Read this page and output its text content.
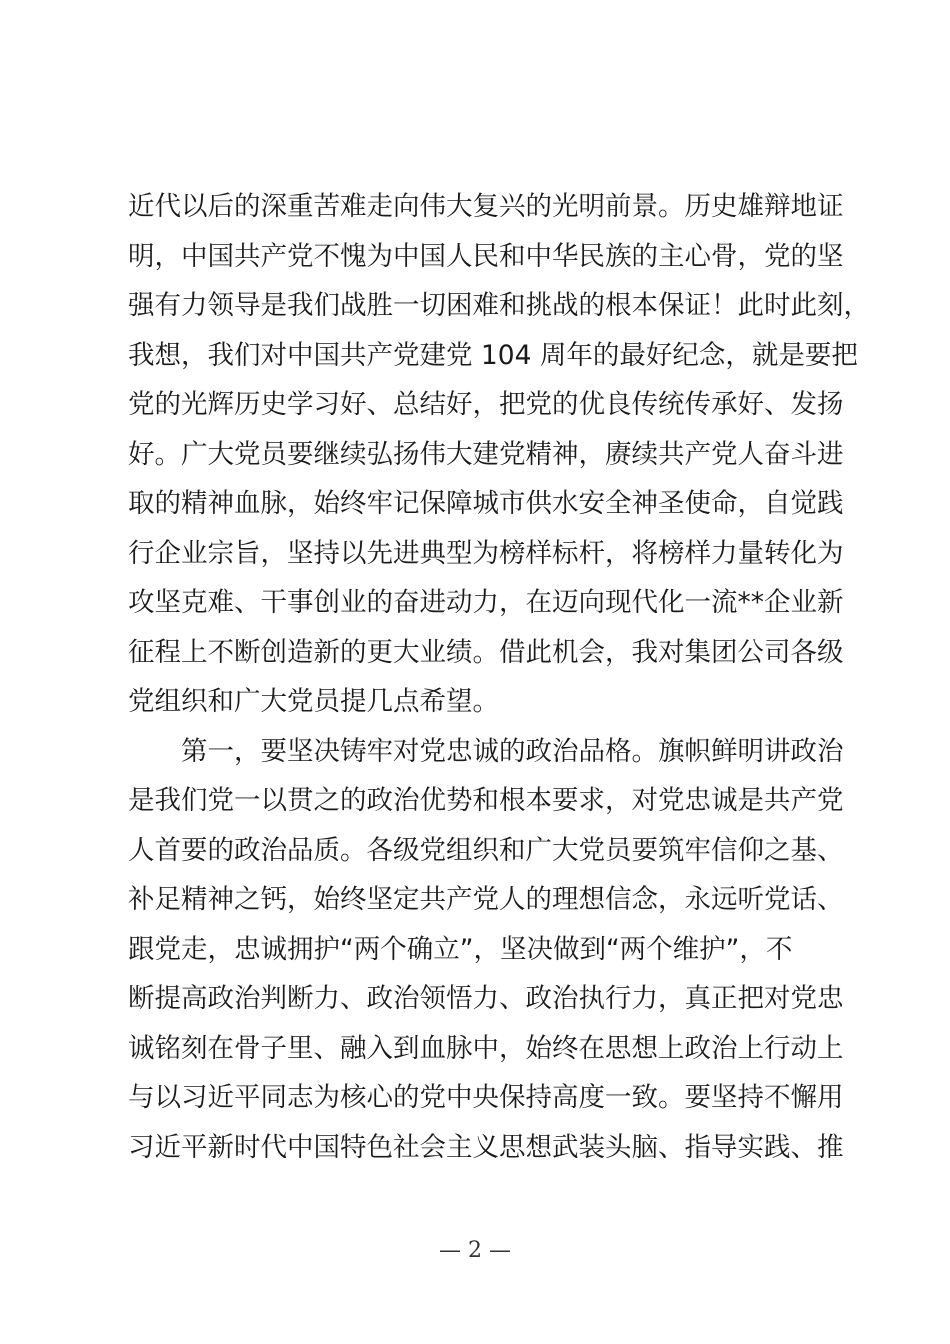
近代以后的深重苦难走向伟大复兴的光明前景。历史雄辩地证
明，中国共产党不愧为中国人民和中华民族的主心骨，党的坚
强有力领导是我们战胜一切困难和挑战的根本保证！此时此刻，
我想，我们对中国共产党建党 104 周年的最好纪念，就是要把
党的光辉历史学习好、总结好，把党的优良传统传承好、发扬
好。广大党员要继续弘扬伟大建党精神，赓续共产党人奋斗进
取的精神血脉，始终牢记保障城市供水安全神圣使命，自觉践
行企业宗旨，坚持以先进典型为榜样标杆，将榜样力量转化为
攻坚克难、干事创业的奋进动力，在迈向现代化一流**企业新
征程上不断创造新的更大业绩。借此机会，我对集团公司各级
党组织和广大党员提几点希望。
　　第一，要坚决铸牢对党忠诚的政治品格。旗帜鲜明讲政治
是我们党一以贯之的政治优势和根本要求，对党忠诚是共产党
人首要的政治品质。各级党组织和广大党员要筑牢信仰之基、
补足精神之钙，始终坚定共产党人的理想信念，永远听党话、
跟党走，忠诚拥护“两个确立”，坚决做到“两个维护”，不
断提高政治判断力、政治领悟力、政治执行力，真正把对党忠
诚铭刻在骨子里、融入到血脉中，始终在思想上政治上行动上
与以习近平同志为核心的党中央保持高度一致。要坚持不懈用
习近平新时代中国特色社会主义思想武装头脑、指导实践、推
— 2 —
